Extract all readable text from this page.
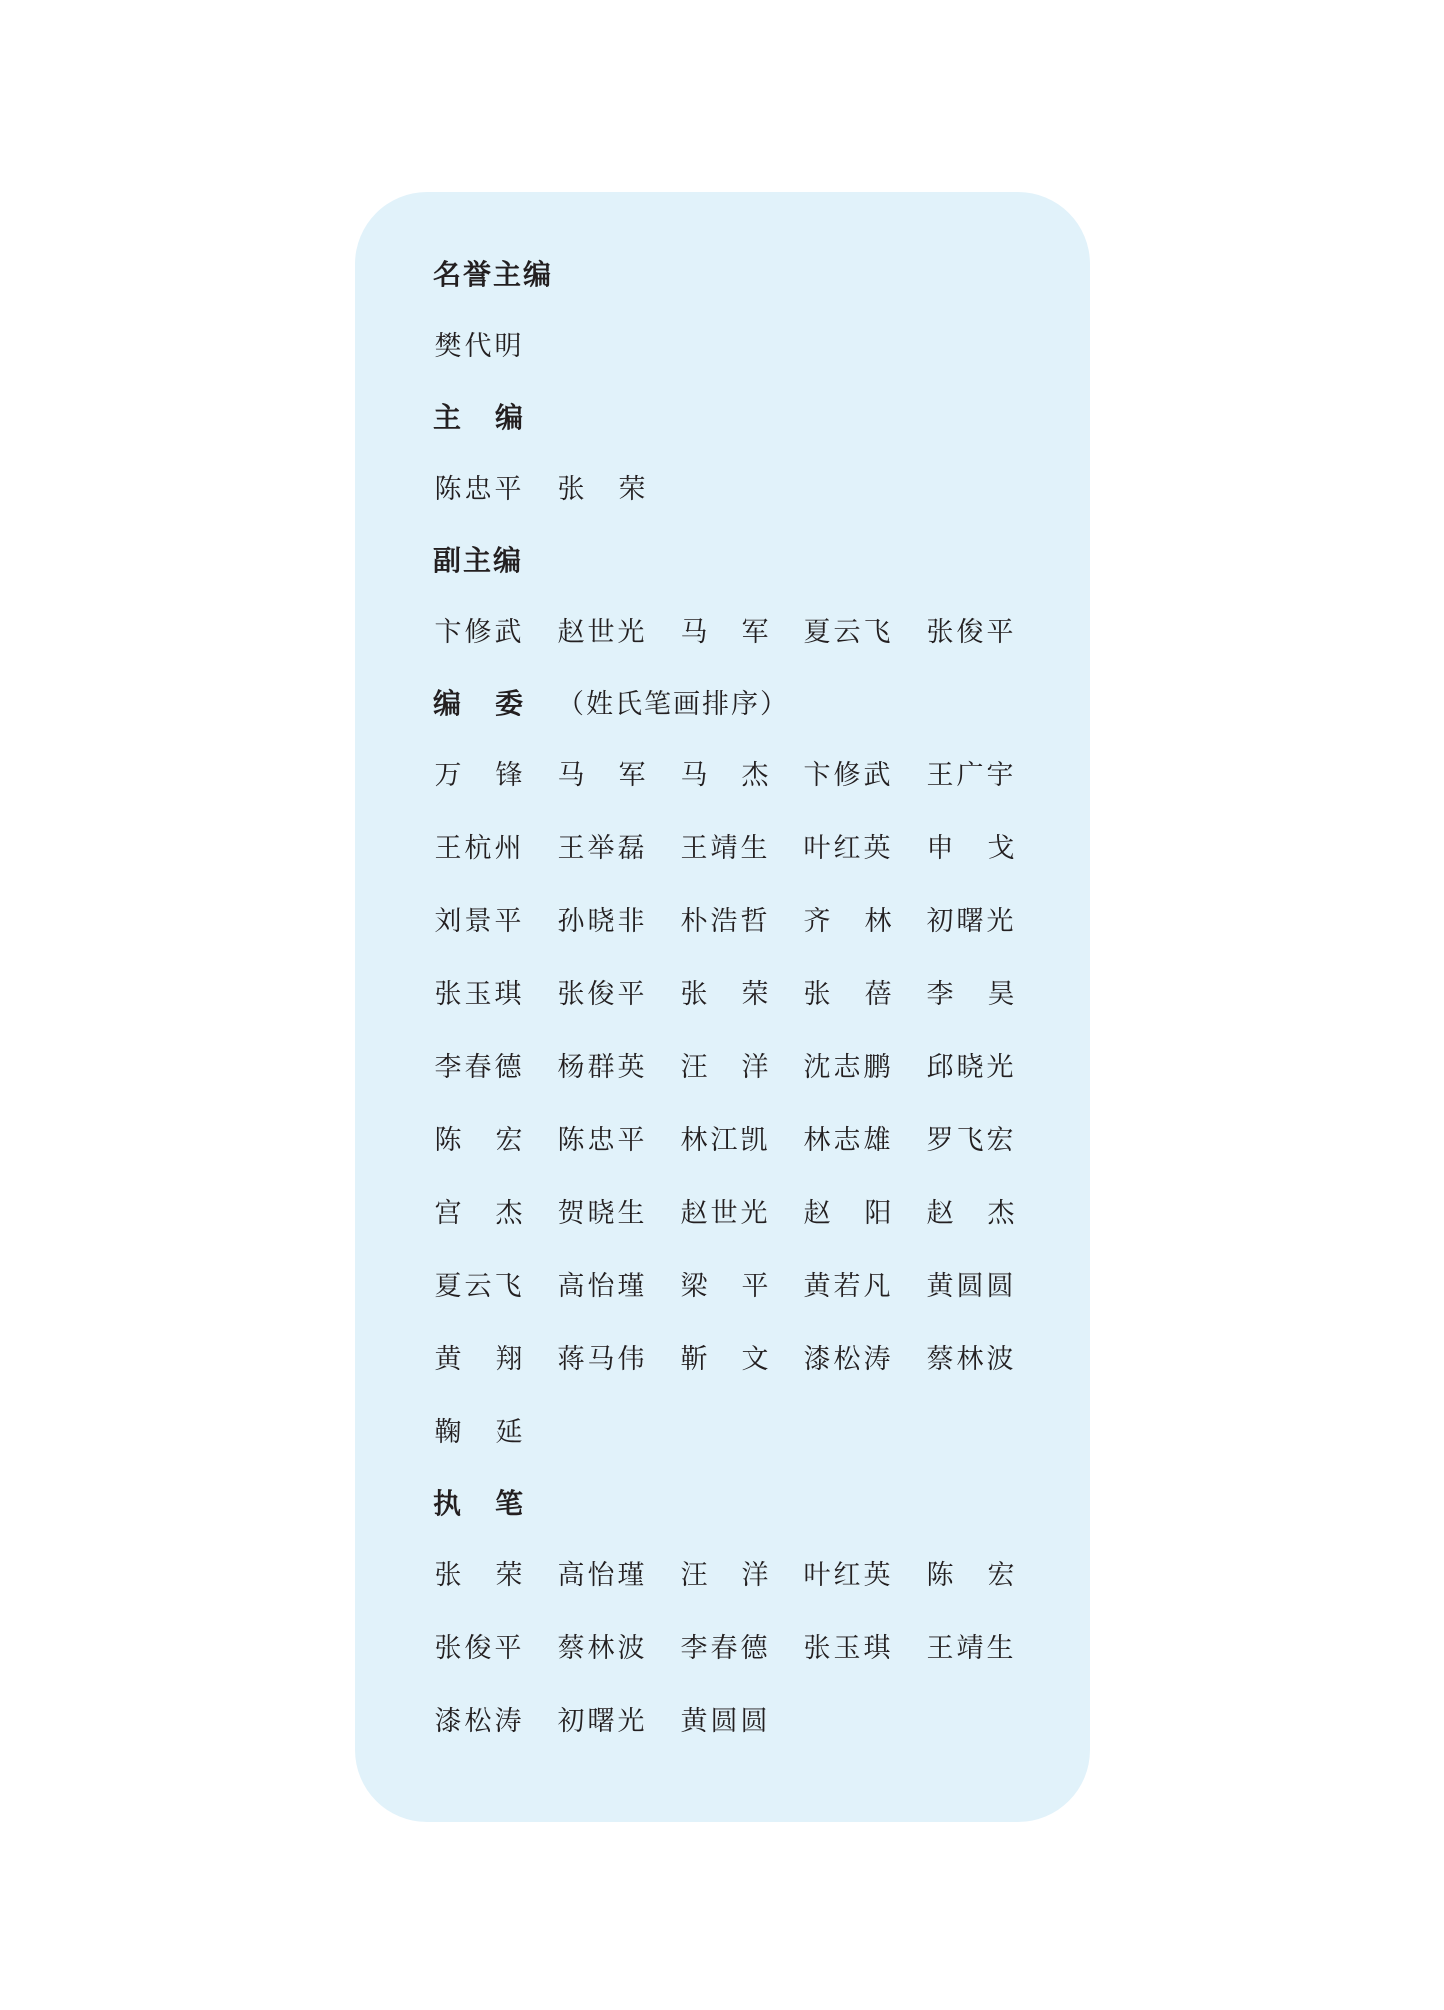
名誉主编
樊 代 明
主 编
陈 忠 平 张 荣
副主编
卞 修 武 赵 世 光 马 军 夏 云 飞 张 俊 平
编 委 （姓氏笔画排序）
万 锋 马 军 马 杰 卞 修 武 王 广 宇
王 杭 州 王 举 磊 王 靖 生 叶 红 英 申 戈
刘 景 平 孙 晓 非 朴 浩 哲 齐 林 初 曙 光
张 玉 琪 张 俊 平 张 荣 张 蓓 李 昊
李 春 德 杨 群 英 汪 洋 沈 志 鹏 邱 晓 光
陈 宏 陈 忠 平 林 江 凯 林 志 雄 罗 飞 宏
宫 杰 贺 晓 生 赵 世 光 赵 阳 赵 杰
夏 云 飞 高 怡 瑾 梁 平 黄 若 凡 黄 圆 圆
黄 翔 蒋 马 伟 靳 文 漆 松 涛 蔡 林 波
鞠 延
执 笔
张 荣 高 怡 瑾 汪 洋 叶 红 英 陈 宏
张 俊 平 蔡 林 波 李 春 德 张 玉 琪 王 靖 生
漆 松 涛 初 曙 光 黄 圆 圆
